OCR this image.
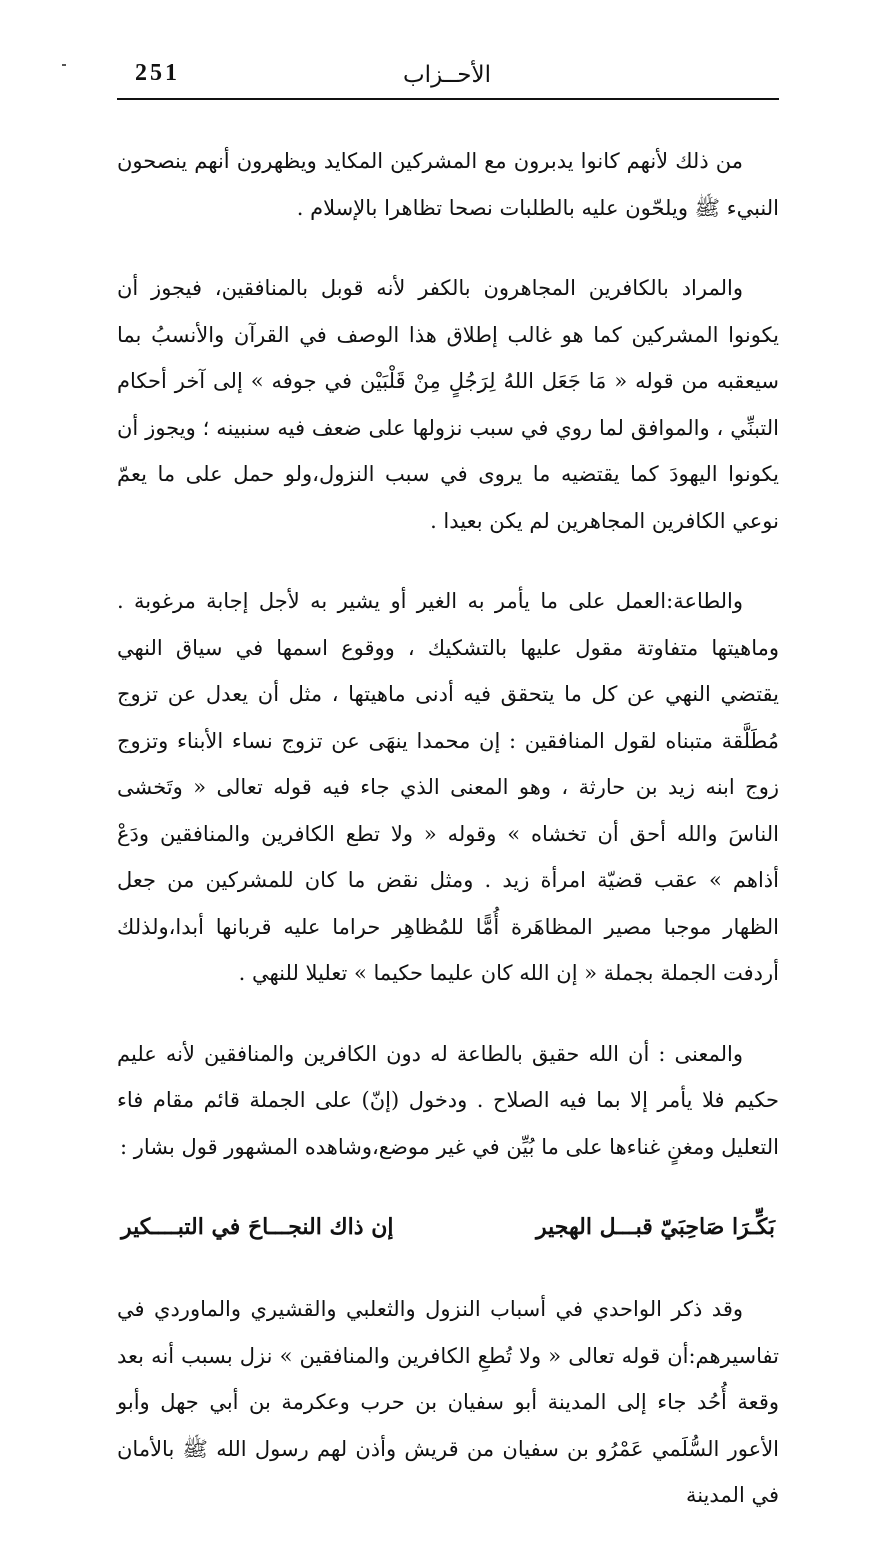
251	الأحــزاب

من ذلك لأنهم كانوا يدبرون مع المشركين المكايد ويظهرون أنهم ينصحون النبيء ﷺ ويلحّون عليه بالطلبات نصحا تظاهرا بالإسلام .

والمراد بالكافرين المجاهرون بالكفر لأنه قوبل بالمنافقين، فيجوز أن يكونوا المشركين كما هو غالب إطلاق هذا الوصف في القرآن والأنسبُ بما سيعقبه من قوله « مَا جَعَل اللهُ لِرَجُلٍ مِنْ قَلْبَيْن في جوفه » إلى آخر أحكام التبنِّي ، والموافق لما روي في سبب نزولها على ضعف فيه سنبينه ؛ ويجوز أن يكونوا اليهودَ كما يقتضيه ما يروى في سبب النزول،ولو حمل على ما يعمّ نوعي الكافرين المجاهرين لم يكن بعيدا .

والطاعة:العمل على ما يأمر به الغير أو يشير به لأجل إجابة مرغوبة . وماهيتها متفاوتة مقول عليها بالتشكيك ، ووقوع اسمها في سياق النهي يقتضي النهي عن كل ما يتحقق فيه أدنى ماهيتها ، مثل أن يعدل عن تزوج مُطَلَّقة متبناه لقول المنافقين : إن محمدا ينهَى عن تزوج نساء الأبناء وتزوج زوج ابنه زيد بن حارثة ، وهو المعنى الذي جاء فيه قوله تعالى « وتَخشى الناسَ والله أحق أن تخشاه » وقوله « ولا تطع الكافرين والمنافقين ودَعْ أذاهم » عقب قضيّة امرأة زيد . ومثل نقض ما كان للمشركين من جعل الظهار موجبا مصير المظاهَرة أُمًّا للمُظاهِر حراما عليه قربانها أبدا،ولذلك أردفت الجملة بجملة « إن الله كان عليما حكيما » تعليلا للنهي .

والمعنى : أن الله حقيق بالطاعة له دون الكافرين والمنافقين لأنه عليم حكيم فلا يأمر إلا بما فيه الصلاح . ودخول (إنّ) على الجملة قائم مقام فاء التعليل ومغنٍ غناءها على ما بُيِّن في غير موضع،وشاهده المشهور قول بشار :

بَكِّـرَا صَاحِبَيّ قبـــل الهجير
إن ذاك النجـــاحَ في التبــــكير

وقد ذكر الواحدي في أسباب النزول والثعلبي والقشيري والماوردي في تفاسيرهم:أن قوله تعالى « ولا تُطعِ الكافرين والمنافقين » نزل بسبب أنه بعد وقعة أُحُد جاء إلى المدينة أبو سفيان بن حرب وعكرمة بن أبي جهل وأبو الأعور السُّلَمي عَمْرُو بن سفيان من قريش وأذن لهم رسول الله ﷺ بالأمان في المدينة
